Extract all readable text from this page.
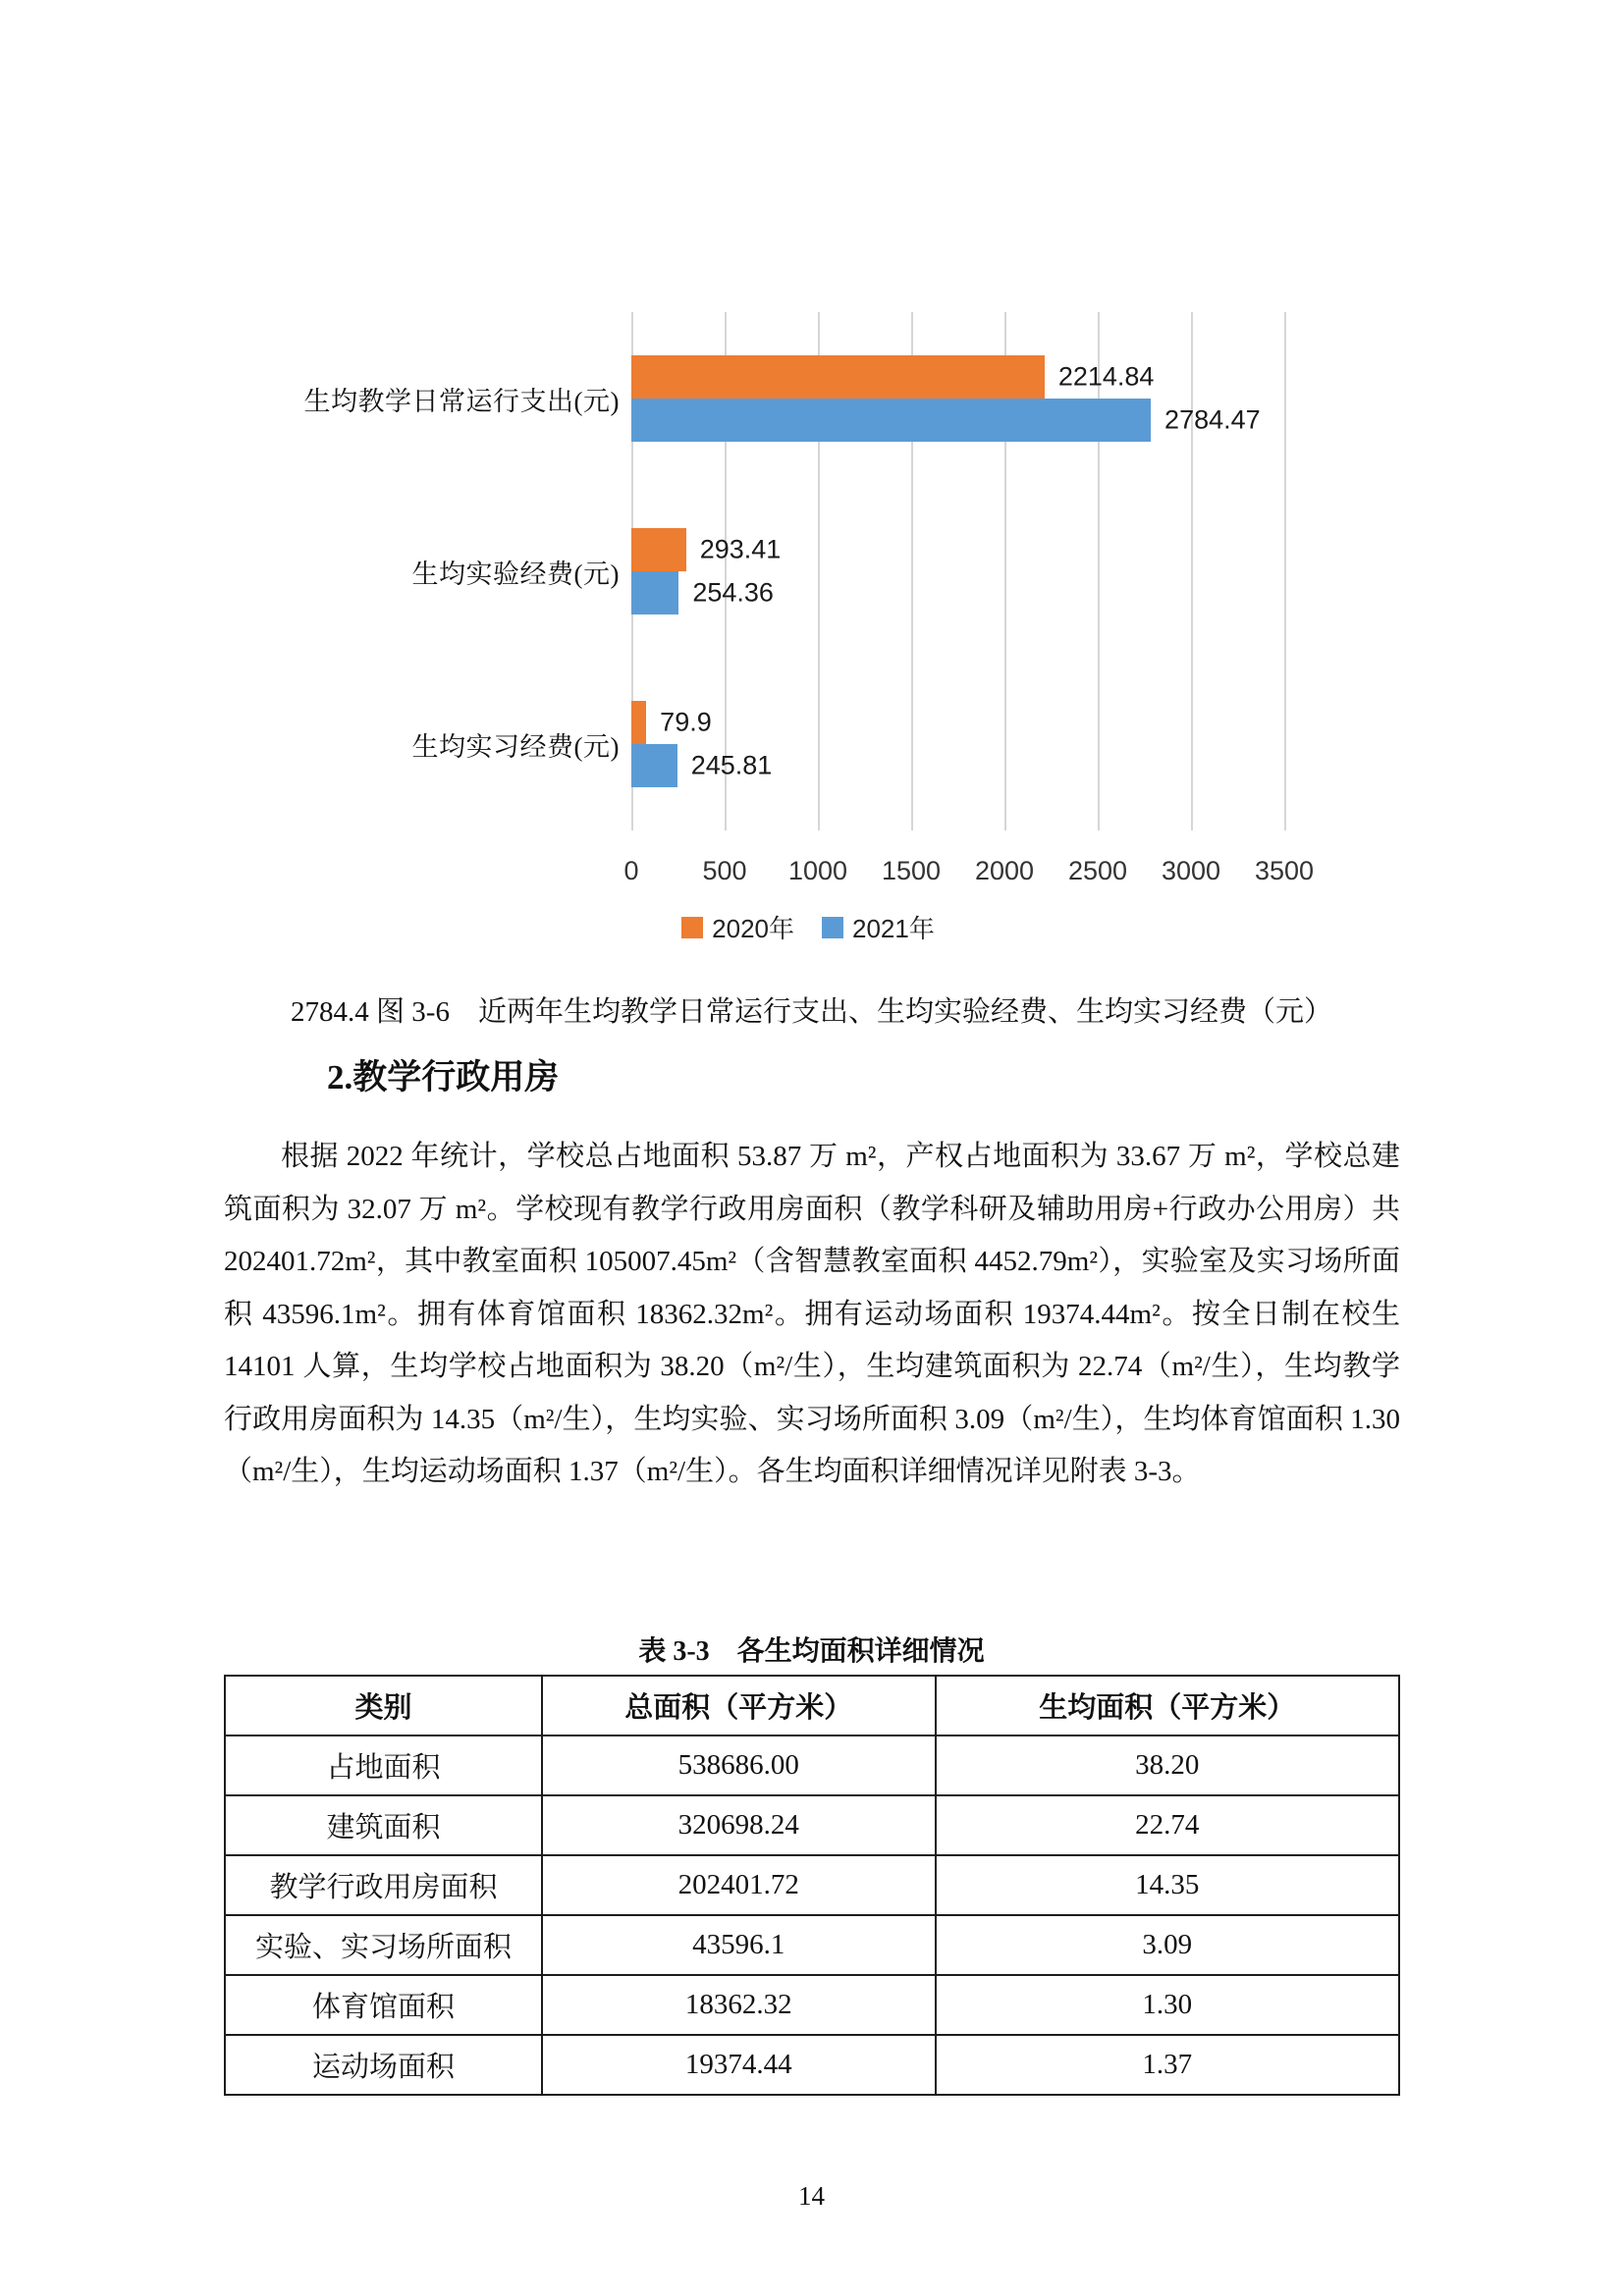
生均教学日常运行支出(元)
2214.84
2784.47
生均实验经费(元)
293.41
254.36
生均实习经费(元)
79.9
245.81
0 500 1000 1500 2000 2500 3000 3500
2020年 2021年

2784.4 图 3-6　近两年生均教学日常运行支出、生均实验经费、生均实习经费（元）

2.教学行政用房

根据 2022 年统计，学校总占地面积 53.87 万 m²，产权占地面积为 33.67 万 m²，学校总建筑面积为 32.07 万 m²。学校现有教学行政用房面积（教学科研及辅助用房+行政办公用房）共 202401.72m²，其中教室面积 105007.45m²（含智慧教室面积 4452.79m²），实验室及实习场所面积 43596.1m²。拥有体育馆面积 18362.32m²。拥有运动场面积 19374.44m²。按全日制在校生 14101 人算，生均学校占地面积为 38.20（m²/生），生均建筑面积为 22.74（m²/生），生均教学行政用房面积为 14.35（m²/生），生均实验、实习场所面积 3.09（m²/生），生均体育馆面积 1.30（m²/生），生均运动场面积 1.37（m²/生）。各生均面积详细情况详见附表 3-3。

表 3-3　各生均面积详细情况

类别	总面积（平方米）	生均面积（平方米）
占地面积	538686.00	38.20
建筑面积	320698.24	22.74
教学行政用房面积	202401.72	14.35
实验、实习场所面积	43596.1	3.09
体育馆面积	18362.32	1.30
运动场面积	19374.44	1.37
14
